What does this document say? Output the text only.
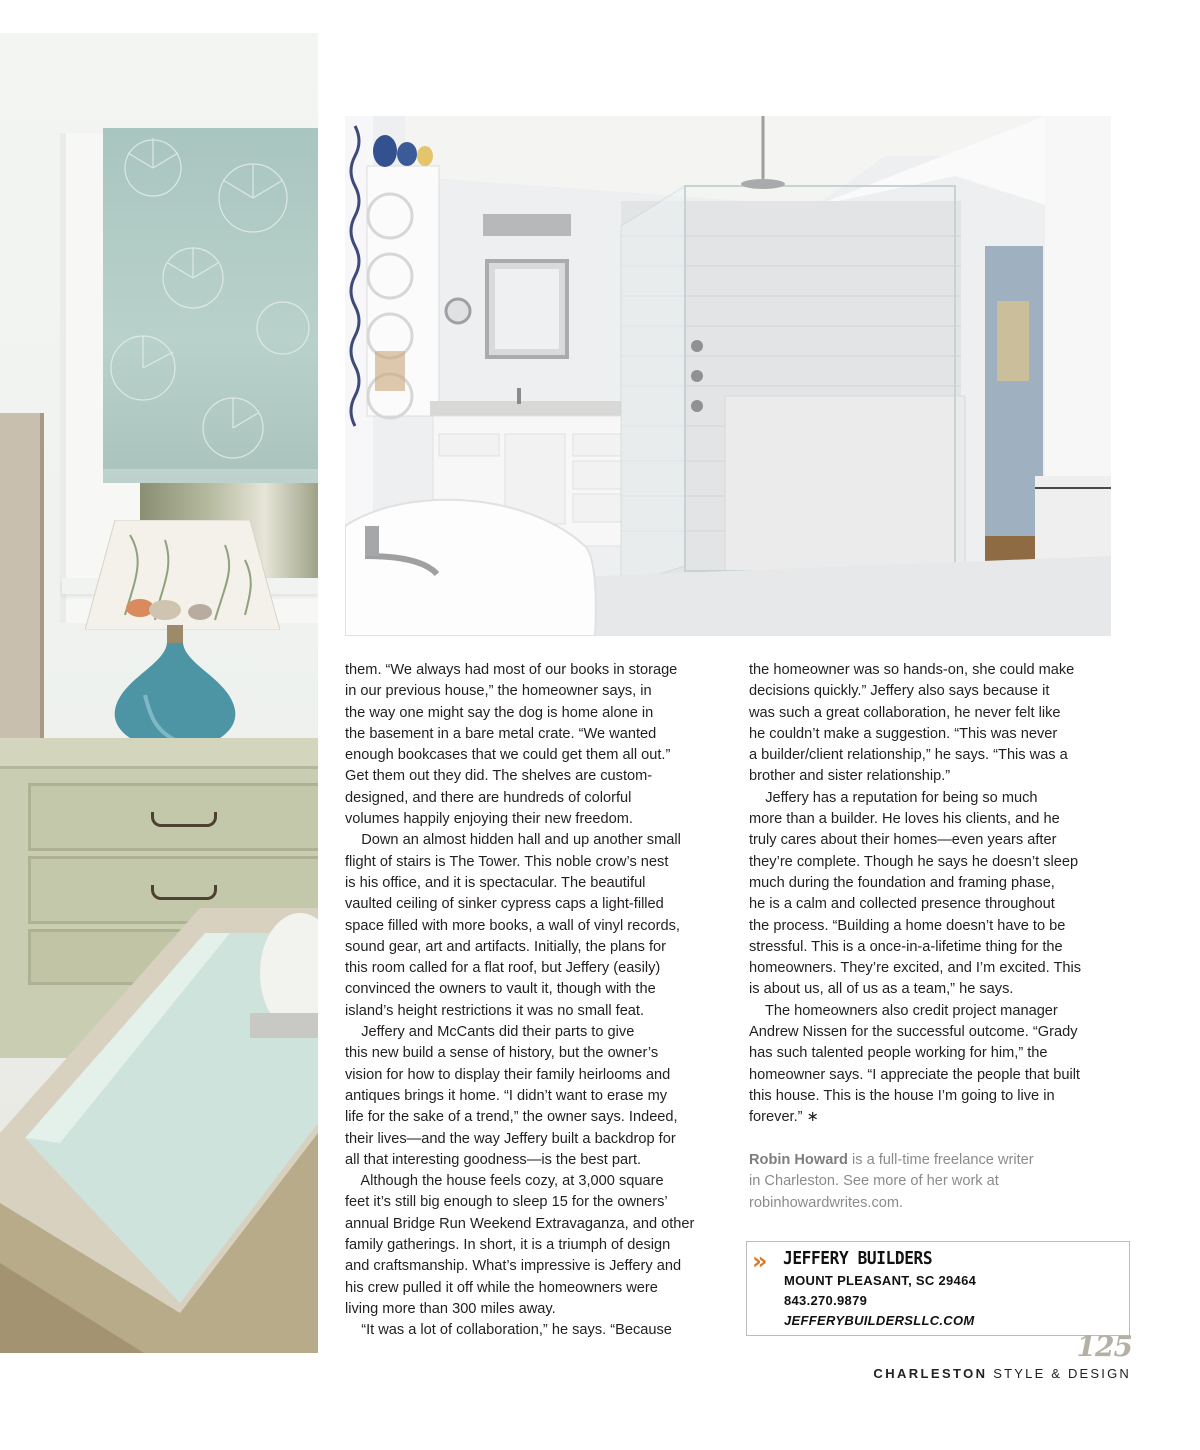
them. “We always had most of our books in storage
in our previous house,” the homeowner says, in
the way one might say the dog is home alone in
the basement in a bare metal crate. “We wanted
enough bookcases that we could get them all out.”
Get them out they did. The shelves are custom-
designed, and there are hundreds of colorful
volumes happily enjoying their new freedom.
Down an almost hidden hall and up another small
flight of stairs is The Tower. This noble crow’s nest
is his office, and it is spectacular. The beautiful
vaulted ceiling of sinker cypress caps a light-filled
space filled with more books, a wall of vinyl records,
sound gear, art and artifacts. Initially, the plans for
this room called for a flat roof, but Jeffery (easily)
convinced the owners to vault it, though with the
island’s height restrictions it was no small feat.
Jeffery and McCants did their parts to give
this new build a sense of history, but the owner’s
vision for how to display their family heirlooms and
antiques brings it home. “I didn’t want to erase my
life for the sake of a trend,” the owner says. Indeed,
their lives—and the way Jeffery built a backdrop for
all that interesting goodness—is the best part.
Although the house feels cozy, at 3,000 square
feet it’s still big enough to sleep 15 for the owners’
annual Bridge Run Weekend Extravaganza, and other
family gatherings. In short, it is a triumph of design
and craftsmanship. What’s impressive is Jeffery and
his crew pulled it off while the homeowners were
living more than 300 miles away.
“It was a lot of collaboration,” he says. “Because
the homeowner was so hands-on, she could make
decisions quickly.” Jeffery also says because it
was such a great collaboration, he never felt like
he couldn’t make a suggestion. “This was never
a builder/client relationship,” he says. “This was a
brother and sister relationship.”
Jeffery has a reputation for being so much
more than a builder. He loves his clients, and he
truly cares about their homes—even years after
they’re complete. Though he says he doesn’t sleep
much during the foundation and framing phase,
he is a calm and collected presence throughout
the process. “Building a home doesn’t have to be
stressful. This is a once-in-a-lifetime thing for the
homeowners. They’re excited, and I’m excited. This
is about us, all of us as a team,” he says.
The homeowners also credit project manager
Andrew Nissen for the successful outcome. “Grady
has such talented people working for him,” the
homeowner says. “I appreciate the people that built
this house. This is the house I’m going to live in
forever.” ∗
Robin Howard is a full-time freelance writer
in Charleston. See more of her work at
robinhowardwrites.com.
» JEFFERY BUILDERS
MOUNT PLEASANT, SC 29464
843.270.9879
JEFFERYBUILDERSLLC.COM
125
CHARLESTON STYLE & DESIGN
